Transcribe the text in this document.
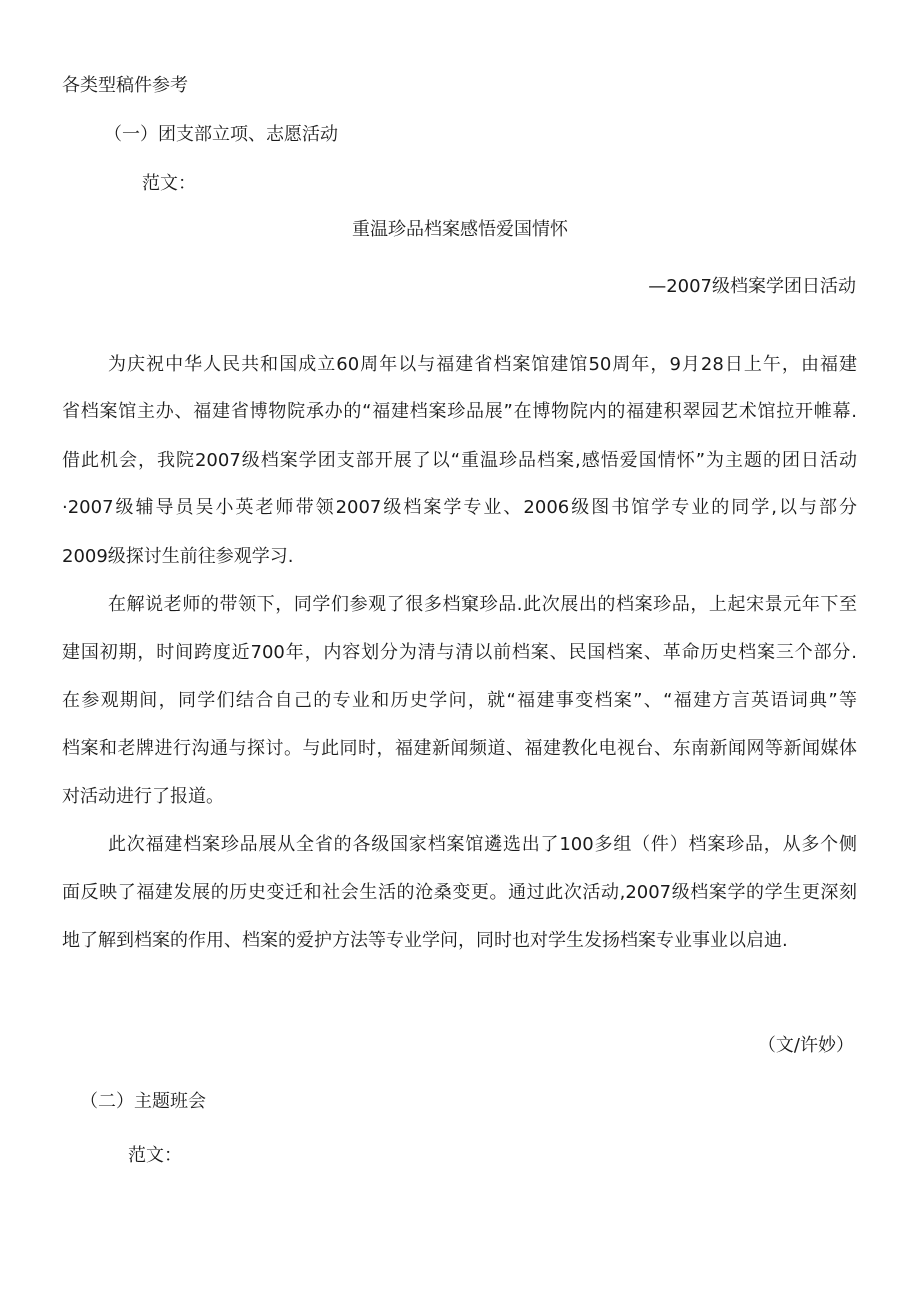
各类型稿件参考
（一）团支部立项、志愿活动
范文：
重温珍品档案感悟爱国情怀
—2007级档案学团日活动
为庆祝中华人民共和国成立60周年以与福建省档案馆建馆50周年，9月28日上午，由福建
省档案馆主办、福建省博物院承办的“福建档案珍品展”在博物院内的福建积翠园艺术馆拉开帷幕.
借此机会，我院2007级档案学团支部开展了以“重温珍品档案,感悟爱国情怀”为主题的团日活动
·2007级辅导员吴小英老师带领2007级档案学专业、2006级图书馆学专业的同学,以与部分
2009级探讨生前往参观学习.
在解说老师的带领下，同学们参观了很多档窠珍品.此次展出的档案珍品，上起宋景元年下至
建国初期，时间跨度近700年，内容划分为清与清以前档案、民国档案、革命历史档案三个部分.
在参观期间，同学们结合自己的专业和历史学问，就“福建事变档案”、“福建方言英语词典”等
档案和老牌进行沟通与探讨。与此同时，福建新闻频道、福建教化电视台、东南新闻网等新闻媒体
对活动进行了报道。
此次福建档案珍品展从全省的各级国家档案馆遴选出了100多组（件）档案珍品，从多个侧
面反映了福建发展的历史变迁和社会生活的沧桑变更。通过此次活动,2007级档案学的学生更深刻
地了解到档案的作用、档案的爱护方法等专业学问，同时也对学生发扬档案专业事业以启迪.
（文/许妙）
（二）主题班会
范文：
